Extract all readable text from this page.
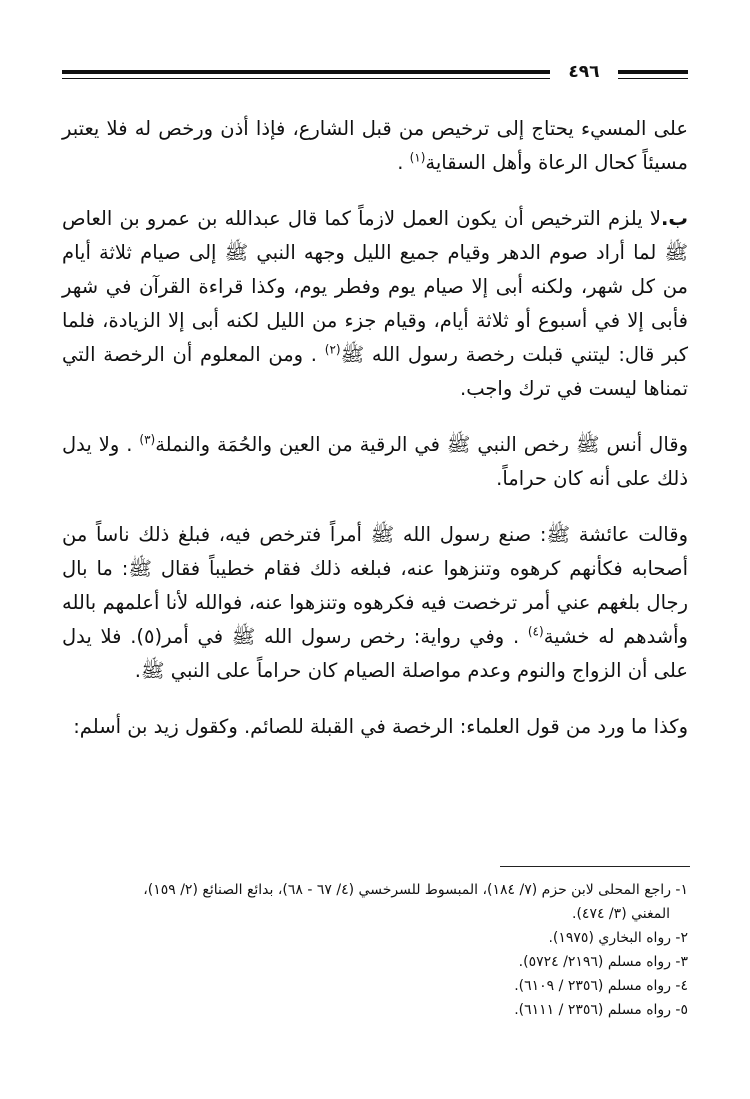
٤٩٦

على المسيء يحتاج إلى ترخيص من قبل الشارع، فإذا أذن ورخص له فلا يعتبر مسيئاً كحال الرعاة وأهل السقاية$^{(١)}$ .

ب.لا يلزم الترخيص أن يكون العمل لازماً كما قال عبدالله بن عمرو بن العاص ﷺ لما أراد صوم الدهر وقيام جميع الليل وجهه النبي ﷺ إلى صيام ثلاثة أيام من كل شهر، ولكنه أبى إلا صيام يوم وفطر يوم، وكذا قراءة القرآن في شهر فأبى إلا في أسبوع أو ثلاثة أيام، وقيام جزء من الليل لكنه أبى إلا الزيادة، فلما كبر قال: ليتني قبلت رخصة رسول الله ﷺ$^{(٢)}$ . ومن المعلوم أن الرخصة التي تمناها ليست في ترك واجب.

وقال أنس ﷺ رخص النبي ﷺ في الرقية من العين والحُمَة والنملة$^{(٣)}$ . ولا يدل ذلك على أنه كان حراماً.

وقالت عائشة ﷺ: صنع رسول الله ﷺ أمراً فترخص فيه، فبلغ ذلك ناساً من أصحابه فكأنهم كرهوه وتنزهوا عنه، فبلغه ذلك فقام خطيباً فقال ﷺ: ما بال رجال بلغهم عني أمر ترخصت فيه فكرهوه وتنزهوا عنه، فوالله لأنا أعلمهم بالله وأشدهم له خشية$^{(٤)}$ . وفي رواية: رخص رسول الله ﷺ في أمر(٥). فلا يدل على أن الزواج والنوم وعدم مواصلة الصيام كان حراماً على النبي ﷺ.

وكذا ما ورد من قول العلماء: الرخصة في القبلة للصائم. وكقول زيد بن أسلم:

١- راجع المحلى لابن حزم (٧/ ١٨٤)، المبسوط للسرخسي (٤/ ٦٧ - ٦٨)، بدائع الصنائع (٢/ ١٥٩)،
المغني (٣/ ٤٧٤).
٢- رواه البخاري (١٩٧٥).
٣- رواه مسلم (٢١٩٦/ ٥٧٢٤).
٤- رواه مسلم (٢٣٥٦ / ٦١٠٩).
٥- رواه مسلم (٢٣٥٦ / ٦١١١).
